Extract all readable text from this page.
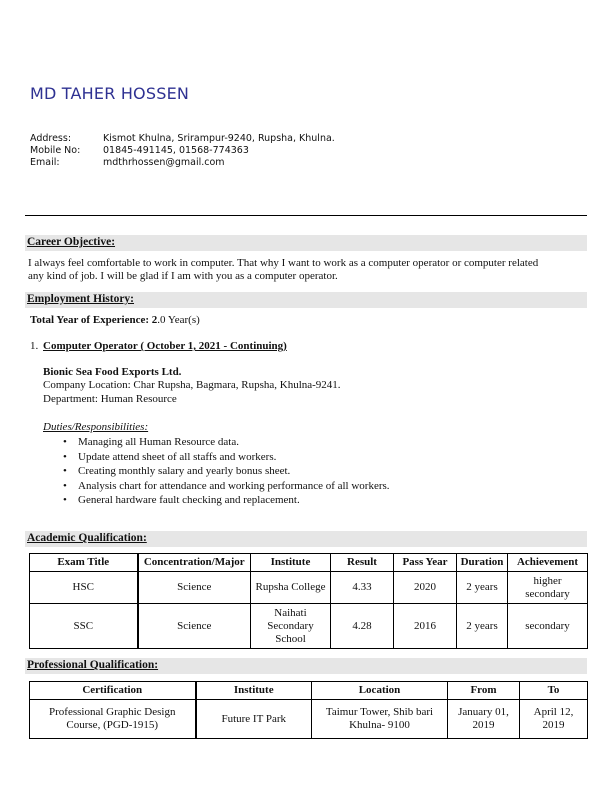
MD TAHER HOSSEN
Address:	Kismot Khulna, Srirampur-9240, Rupsha, Khulna.
Mobile No: 01845-491145, 01568-774363
Email:	mdthrhossen@gmail.com
Career Objective:
I always feel comfortable to work in computer. That why I want to work as a computer operator or computer related
any kind of job. I will be glad if I am with you as a computer operator.
Employment History:
Total Year of Experience: 2.0 Year(s)
1. Computer Operator ( October 1, 2021 - Continuing)
Bionic Sea Food Exports Ltd.
Company Location: Char Rupsha, Bagmara, Rupsha, Khulna-9241.
Department: Human Resource
Duties/Responsibilities:
• Managing all Human Resource data.
• Update attend sheet of all staffs and workers.
• Creating monthly salary and yearly bonus sheet.
• Analysis chart for attendance and working performance of all workers.
• General hardware fault checking and replacement.
Academic Qualification:
Exam Title	Concentration/Major	Institute	Result	Pass Year	Duration	Achievement
HSC	Science	Rupsha College	4.33	2020	2 years	higher secondary
SSC	Science	Naihati Secondary School	4.28	2016	2 years	secondary
Professional Qualification:
Certification	Institute	Location	From	To
Professional Graphic Design Course, (PGD-1915)	Future IT Park	Taimur Tower, Shib bari Khulna- 9100	January 01, 2019	April 12, 2019
